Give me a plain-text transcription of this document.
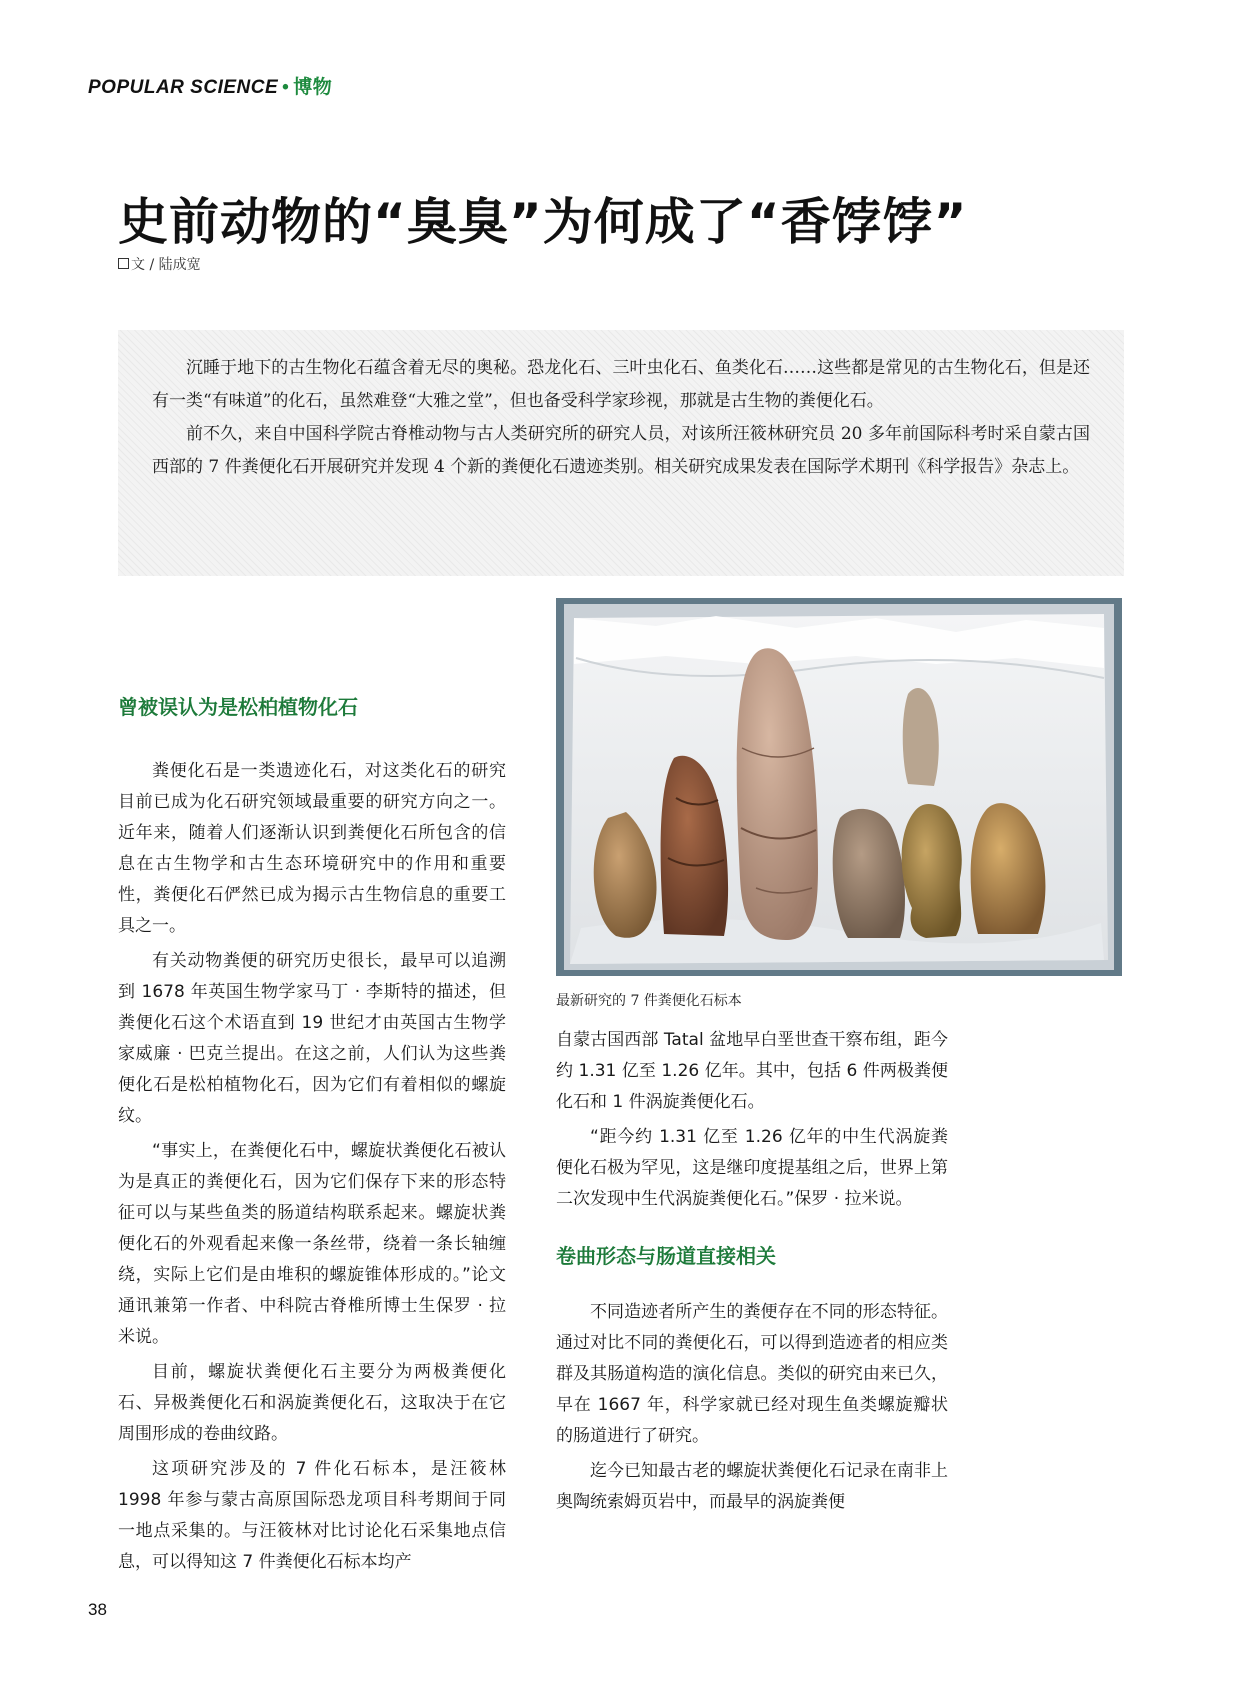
POPULAR SCIENCE • 博物
史前动物的“臭臭”为何成了“香饽饽”
文 / 陆成宽

沉睡于地下的古生物化石蕴含着无尽的奥秘。恐龙化石、三叶虫化石、鱼类化石……这些都是常见的古生物化石，但是还有一类“有味道”的化石，虽然难登“大雅之堂”，但也备受科学家珍视，那就是古生物的粪便化石。

前不久，来自中国科学院古脊椎动物与古人类研究所的研究人员，对该所汪筱林研究员 20 多年前国际科考时采自蒙古国西部的 7 件粪便化石开展研究并发现 4 个新的粪便化石遗迹类别。相关研究成果发表在国际学术期刊《科学报告》杂志上。

曾被误认为是松柏植物化石

粪便化石是一类遗迹化石，对这类化石的研究目前已成为化石研究领域最重要的研究方向之一。近年来，随着人们逐渐认识到粪便化石所包含的信息在古生物学和古生态环境研究中的作用和重要性，粪便化石俨然已成为揭示古生物信息的重要工具之一。

有关动物粪便的研究历史很长，最早可以追溯到 1678 年英国生物学家马丁 · 李斯特的描述，但粪便化石这个术语直到 19 世纪才由英国古生物学家威廉 · 巴克兰提出。在这之前，人们认为这些粪便化石是松柏植物化石，因为它们有着相似的螺旋纹。

“事实上，在粪便化石中，螺旋状粪便化石被认为是真正的粪便化石，因为它们保存下来的形态特征可以与某些鱼类的肠道结构联系起来。螺旋状粪便化石的外观看起来像一条丝带，绕着一条长轴缠绕，实际上它们是由堆积的螺旋锥体形成的。”论文通讯兼第一作者、中科院古脊椎所博士生保罗 · 拉米说。

目前，螺旋状粪便化石主要分为两极粪便化石、异极粪便化石和涡旋粪便化石，这取决于在它周围形成的卷曲纹路。

这项研究涉及的 7 件化石标本，是汪筱林 1998 年参与蒙古高原国际恐龙项目科考期间于同一地点采集的。与汪筱林对比讨论化石采集地点信息，可以得知这 7 件粪便化石标本均产

最新研究的 7 件粪便化石标本

自蒙古国西部 Tatal 盆地早白垩世查干察布组，距今约 1.31 亿至 1.26 亿年。其中，包括 6 件两极粪便化石和 1 件涡旋粪便化石。

“距今约 1.31 亿至 1.26 亿年的中生代涡旋粪便化石极为罕见，这是继印度提基组之后，世界上第二次发现中生代涡旋粪便化石。”保罗 · 拉米说。

卷曲形态与肠道直接相关

不同造迹者所产生的粪便存在不同的形态特征。通过对比不同的粪便化石，可以得到造迹者的相应类群及其肠道构造的演化信息。类似的研究由来已久，早在 1667 年，科学家就已经对现生鱼类螺旋瓣状的肠道进行了研究。

迄今已知最古老的螺旋状粪便化石记录在南非上奥陶统索姆页岩中，而最早的涡旋粪便

38
